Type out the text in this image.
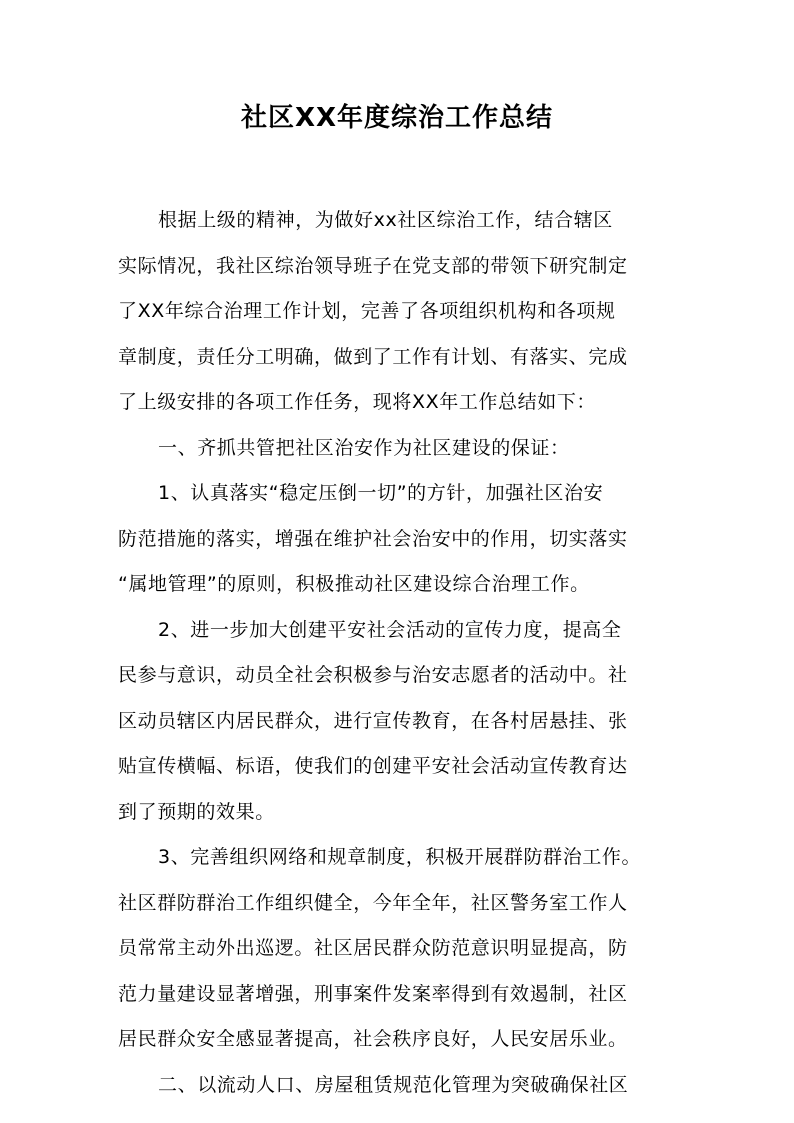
社区XX年度综治工作总结
根据上级的精神，为做好xx社区综治工作，结合辖区
实际情况，我社区综治领导班子在党支部的带领下研究制定
了XX年综合治理工作计划，完善了各项组织机构和各项规
章制度，责任分工明确，做到了工作有计划、有落实、完成
了上级安排的各项工作任务，现将XX年工作总结如下：
一、齐抓共管把社区治安作为社区建设的保证：
1、认真落实“稳定压倒一切”的方针，加强社区治安
防范措施的落实，增强在维护社会治安中的作用，切实落实
“属地管理”的原则，积极推动社区建设综合治理工作。
2、进一步加大创建平安社会活动的宣传力度，提高全
民参与意识，动员全社会积极参与治安志愿者的活动中。社
区动员辖区内居民群众，进行宣传教育，在各村居悬挂、张
贴宣传横幅、标语，使我们的创建平安社会活动宣传教育达
到了预期的效果。
3、完善组织网络和规章制度，积极开展群防群治工作。
社区群防群治工作组织健全，今年全年，社区警务室工作人
员常常主动外出巡逻。社区居民群众防范意识明显提高，防
范力量建设显著增强，刑事案件发案率得到有效遏制，社区
居民群众安全感显著提高，社会秩序良好，人民安居乐业。
二、以流动人口、房屋租赁规范化管理为突破确保社区
